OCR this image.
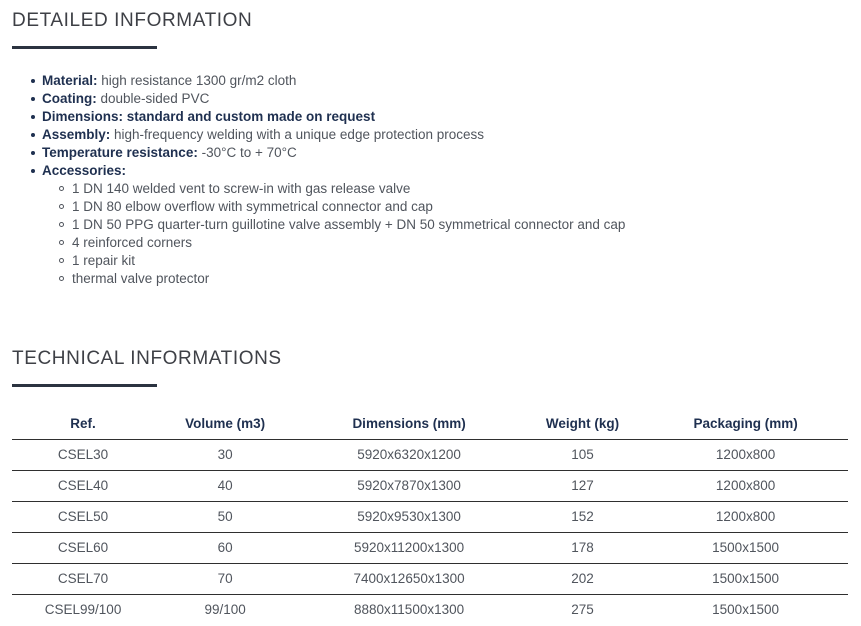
DETAILED INFORMATION
Material: high resistance 1300 gr/m2 cloth
Coating: double-sided PVC
Dimensions: standard and custom made on request
Assembly: high-frequency welding with a unique edge protection process
Temperature resistance: -30°C to + 70°C
Accessories:
1 DN 140 welded vent to screw-in with gas release valve
1 DN 80 elbow overflow with symmetrical connector and cap
1 DN 50 PPG quarter-turn guillotine valve assembly + DN 50 symmetrical connector and cap
4 reinforced corners
1 repair kit
thermal valve protector
TECHNICAL INFORMATIONS
Ref.	Volume (m3)	Dimensions (mm)	Weight (kg)	Packaging (mm)
CSEL30	30	5920x6320x1200	105	1200x800
CSEL40	40	5920x7870x1300	127	1200x800
CSEL50	50	5920x9530x1300	152	1200x800
CSEL60	60	5920x11200x1300	178	1500x1500
CSEL70	70	7400x12650x1300	202	1500x1500
CSEL99/100	99/100	8880x11500x1300	275	1500x1500
